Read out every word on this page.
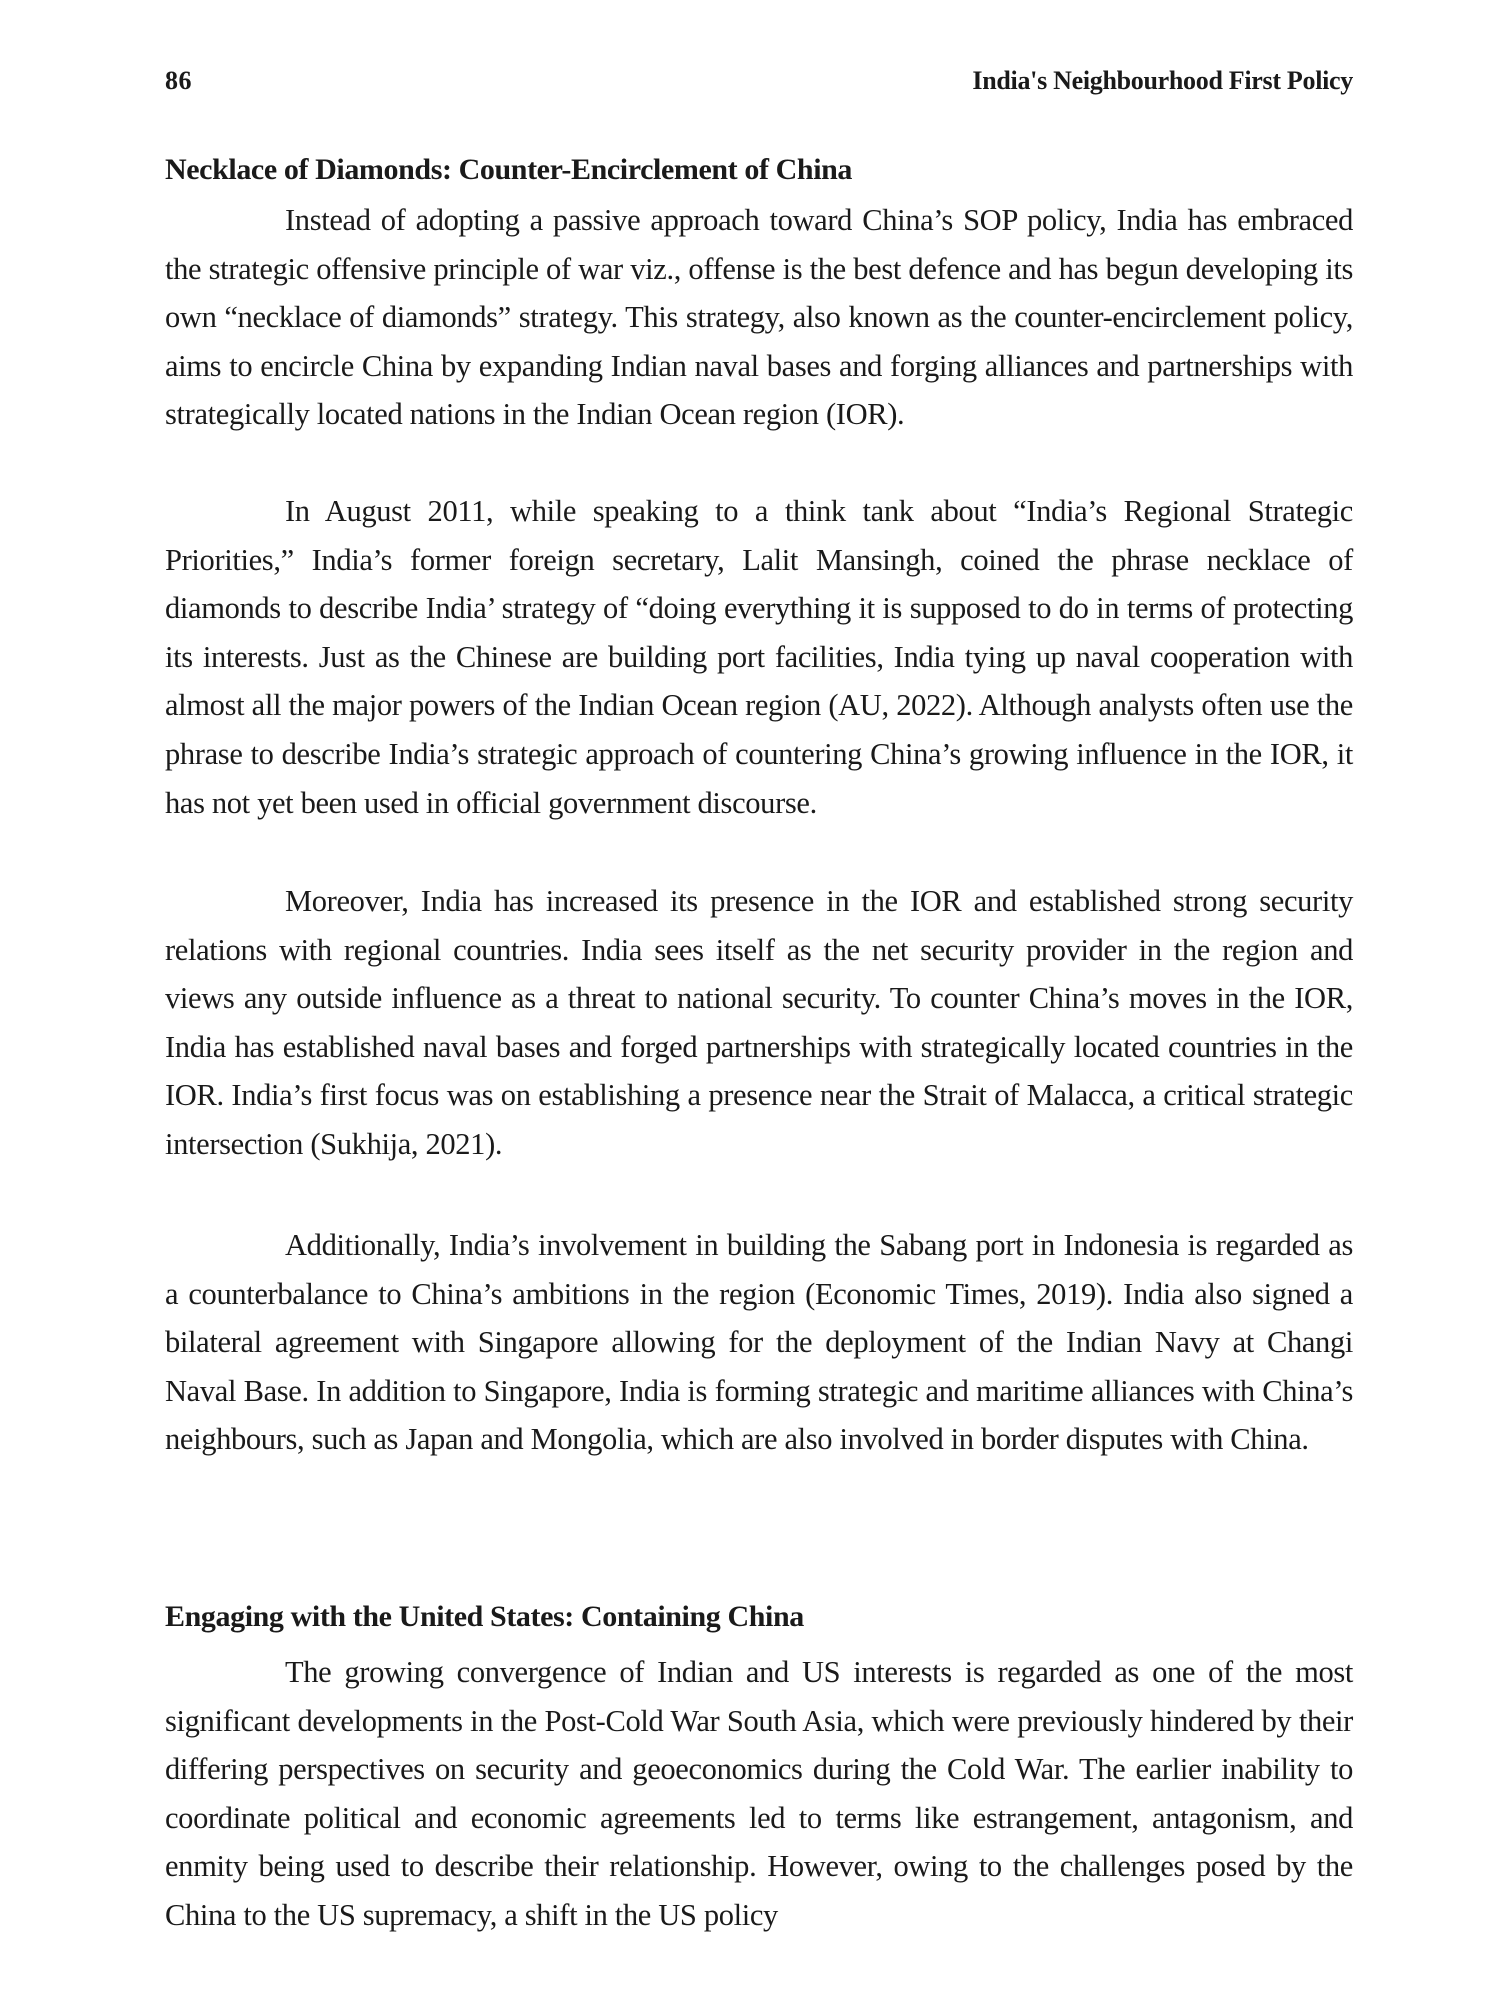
86	India's Neighbourhood First Policy
Necklace of Diamonds: Counter-Encirclement of China

Instead of adopting a passive approach toward China’s SOP policy, India has embraced the strategic offensive principle of war viz., offense is the best defence and has begun developing its own “necklace of diamonds” strategy. This strategy, also known as the counter-encirclement policy, aims to encircle China by expanding Indian naval bases and forging alliances and partnerships with strategically located nations in the Indian Ocean region (IOR).

In August 2011, while speaking to a think tank about “India’s Regional Strategic Priorities,” India’s former foreign secretary, Lalit Mansingh, coined the phrase necklace of diamonds to describe India’ strategy of “doing everything it is supposed to do in terms of protecting its interests. Just as the Chinese are building port facilities, India tying up naval cooperation with almost all the major powers of the Indian Ocean region (AU, 2022). Although analysts often use the phrase to describe India’s strategic approach of countering China’s growing influence in the IOR, it has not yet been used in official government discourse.

Moreover, India has increased its presence in the IOR and established strong security relations with regional countries. India sees itself as the net security provider in the region and views any outside influence as a threat to national security. To counter China’s moves in the IOR, India has established naval bases and forged partnerships with strategically located countries in the IOR. India’s first focus was on establishing a presence near the Strait of Malacca, a critical strategic intersection (Sukhija, 2021).

Additionally, India’s involvement in building the Sabang port in Indonesia is regarded as a counterbalance to China’s ambitions in the region (Economic Times, 2019). India also signed a bilateral agreement with Singapore allowing for the deployment of the Indian Navy at Changi Naval Base. In addition to Singapore, India is forming strategic and maritime alliances with China’s neighbours, such as Japan and Mongolia, which are also involved in border disputes with China.

Engaging with the United States: Containing China

The growing convergence of Indian and US interests is regarded as one of the most significant developments in the Post-Cold War South Asia, which were previously hindered by their differing perspectives on security and geoeconomics during the Cold War. The earlier inability to coordinate political and economic agreements led to terms like estrangement, antagonism, and enmity being used to describe their relationship. However, owing to the challenges posed by the China to the US supremacy, a shift in the US policy
